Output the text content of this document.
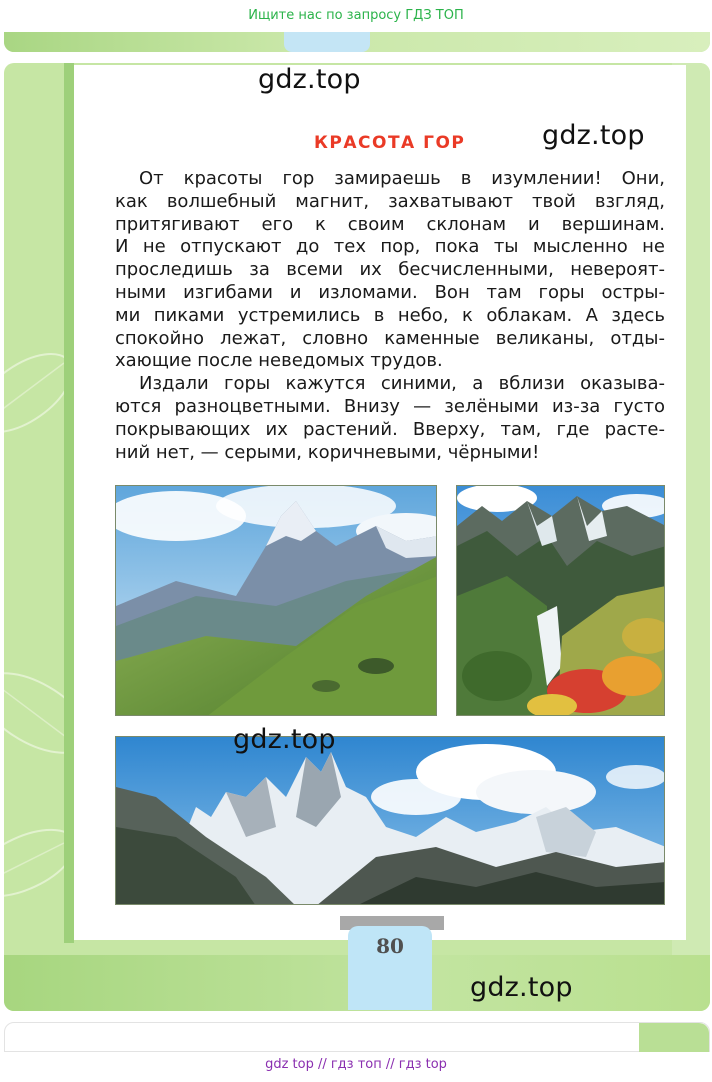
Ищите нас по запросу ГДЗ ТОП
gdz.top
gdz.top
КРАСОТА ГОР
От красоты гор замираешь в изумлении! Они,
как волшебный магнит, захватывают твой взгляд,
притягивают его к своим склонам и вершинам.
И не отпускают до тех пор, пока ты мысленно не
проследишь за всеми их бесчисленными, невероят-
ными изгибами и изломами. Вон там горы остры-
ми пиками устремились в небо, к облакам. А здесь
спокойно лежат, словно каменные великаны, отды-
хающие после неведомых трудов.
Издали горы кажутся синими, а вблизи оказыва-
ются разноцветными. Внизу — зелёными из-за густо
покрывающих их растений. Вверху, там, где расте-
ний нет, — серыми, коричневыми, чёрными!
gdz.top
80
gdz.top
gdz top // гдз топ // гдз top
